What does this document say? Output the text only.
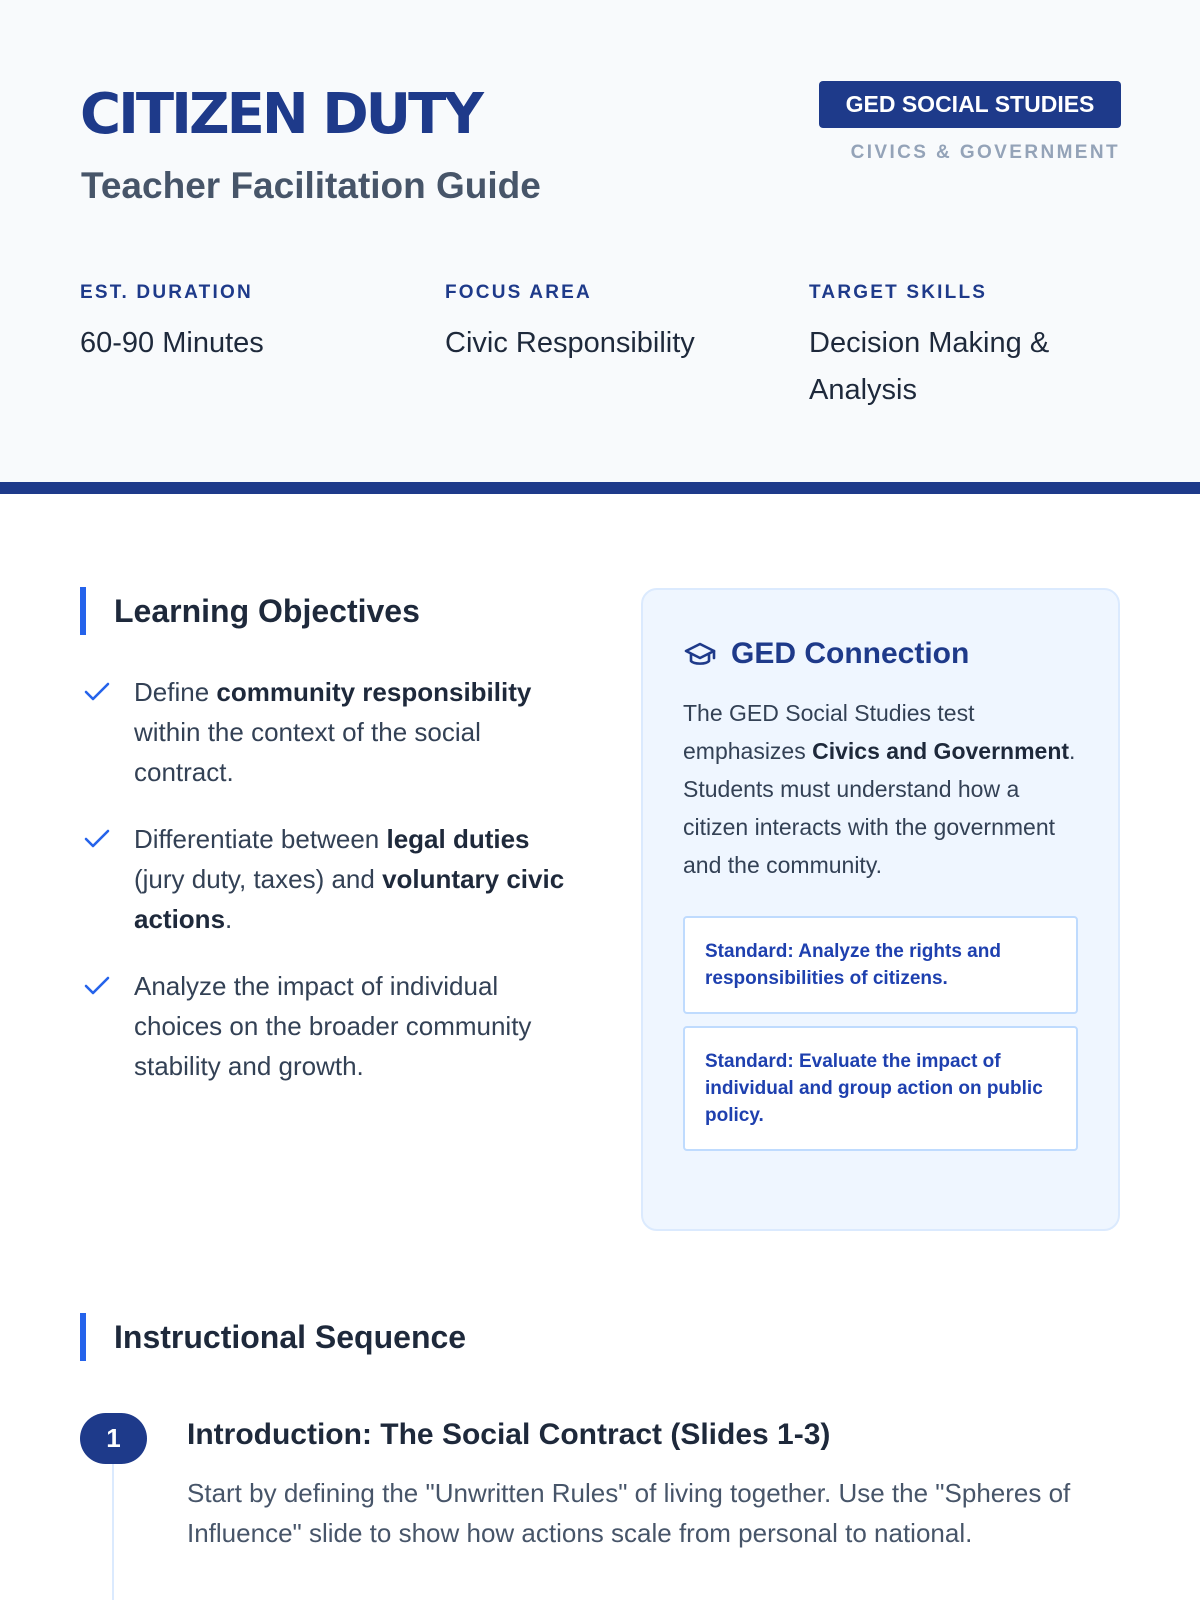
CITIZEN DUTY
Teacher Facilitation Guide
GED SOCIAL STUDIES
CIVICS & GOVERNMENT
EST. DURATION
60-90 Minutes
FOCUS AREA
Civic Responsibility
TARGET SKILLS
Decision Making & Analysis
Learning Objectives
Define community responsibility within the context of the social contract.
Differentiate between legal duties (jury duty, taxes) and voluntary civic actions.
Analyze the impact of individual choices on the broader community stability and growth.
GED Connection

The GED Social Studies test emphasizes Civics and Government. Students must understand how a citizen interacts with the government and the community.

Standard: Analyze the rights and responsibilities of citizens.
Standard: Evaluate the impact of individual and group action on public policy.
Instructional Sequence
1	Introduction: The Social Contract (Slides 1-3)

Start by defining the "Unwritten Rules" of living together. Use the "Spheres of Influence" slide to show how actions scale from personal to national.
